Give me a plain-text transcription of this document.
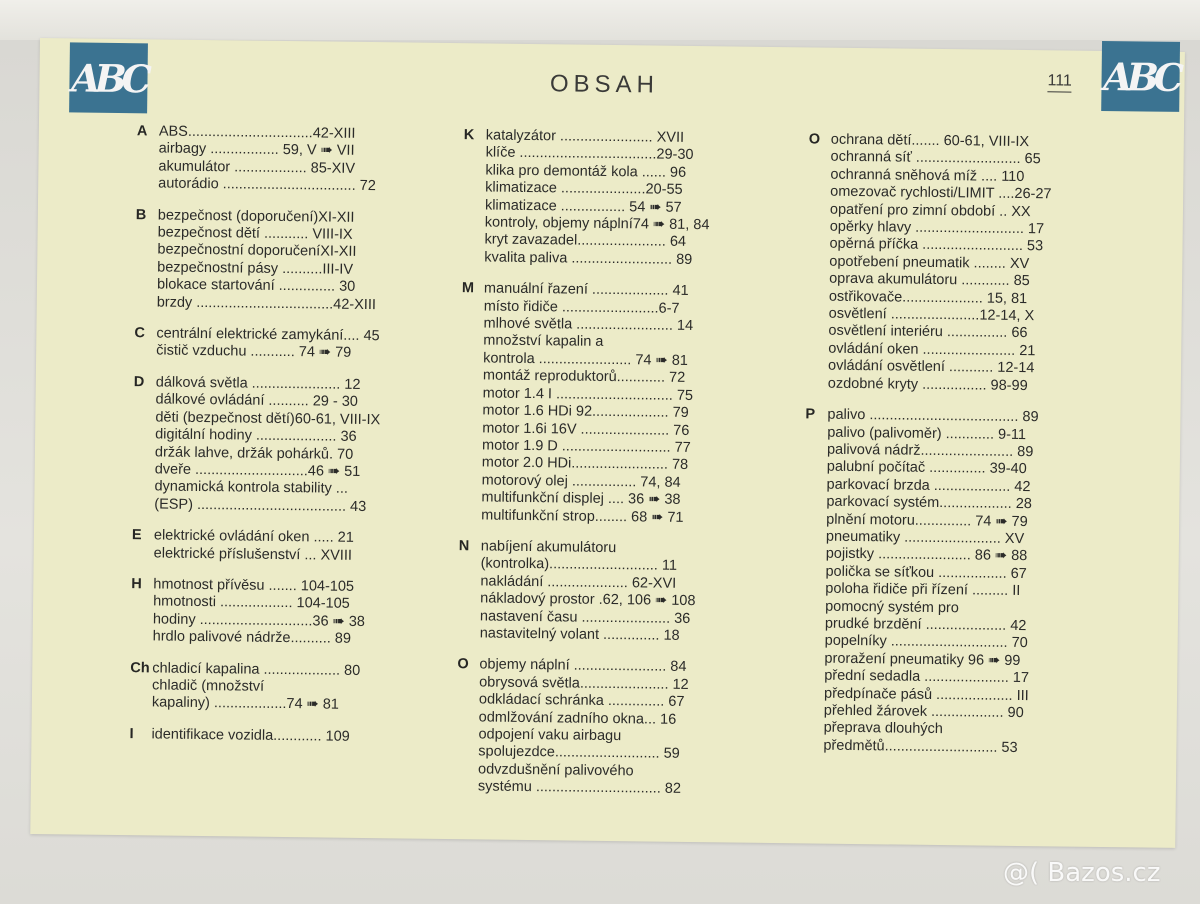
ABC	OBSAH	111 ABC
A ABS...............................42-XIII
airbagy ................. 59, V ➠ VII
akumulátor .................. 85-XIV
autorádio ................................. 72
B bezpečnost (doporučení)XI-XII
bezpečnost dětí ........... VIII-IX
bezpečnostní doporučeníXI-XII
bezpečnostní pásy ..........III-IV
blokace startování .............. 30
brzdy ..................................42-XIII
C centrální elektrické zamykání.... 45
čistič vzduchu ........... 74 ➠ 79
D dálková světla ...................... 12
dálkové ovládání .......... 29 - 30
děti (bezpečnost dětí)60-61, VIII-IX
digitální hodiny .................... 36
držák lahve, držák pohárků. 70
dveře ............................46 ➠ 51
dynamická kontrola stability ...
(ESP) ..................................... 43
E elektrické ovládání oken ..... 21
elektrické příslušenství ... XVIII
H hmotnost přívěsu ....... 104-105
hmotnosti .................. 104-105
hodiny ............................36 ➠ 38
hrdlo palivové nádrže.......... 89
Ch chladicí kapalina ................... 80
chladič (množství
kapaliny) ..................74 ➠ 81
I	identifikace vozidla............ 109
K katalyzátor ....................... XVII
klíče ..................................29-30
klika pro demontáž kola ...... 96
klimatizace .....................20-55
klimatizace ................ 54 ➠ 57
kontroly, objemy náplní74 ➠ 81, 84
kryt zavazadel...................... 64
kvalita paliva ......................... 89
M manuální řazení ................... 41
místo řidiče ........................6-7
mlhové světla ........................ 14
množství kapalin a
kontrola ....................... 74 ➠ 81
montáž reproduktorů............ 72
motor 1.4 I ............................. 75
motor 1.6 HDi 92................... 79
motor 1.6i 16V ...................... 76
motor 1.9 D ........................... 77
motor 2.0 HDi........................ 78
motorový olej ................ 74, 84
multifunkční displej .... 36 ➠ 38
multifunkční strop........ 68 ➠ 71
N nabíjení akumulátoru
(kontrolka)........................... 11
nakládání .................... 62-XVI
nákladový prostor .62, 106 ➠ 108
nastavení času ...................... 36
nastavitelný volant .............. 18
O objemy náplní ....................... 84
obrysová světla...................... 12
odkládací schránka .............. 67
odmlžování zadního okna... 16
odpojení vaku airbagu
spolujezdce.......................... 59
odvzdušnění palivového
systému ............................... 82
O ochrana dětí....... 60-61, VIII-IX
ochranná síť .......................... 65
ochranná sněhová míž .... 110
omezovač rychlosti/LIMIT ....26-27
opatření pro zimní období .. XX
opěrky hlavy ........................... 17
opěrná příčka ......................... 53
opotřebení pneumatik ........ XV
oprava akumulátoru ............ 85
ostřikovače.................... 15, 81
osvětlení ......................12-14, X
osvětlení interiéru ............... 66
ovládání oken ....................... 21
ovládání osvětlení ........... 12-14
ozdobné kryty ................ 98-99
P palivo ..................................... 89
palivo (palivoměr) ............ 9-11
palivová nádrž....................... 89
palubní počítač .............. 39-40
parkovací brzda ................... 42
parkovací systém.................. 28
plnění motoru.............. 74 ➠ 79
pneumatiky ........................ XV
pojistky ....................... 86 ➠ 88
polička se síťkou ................. 67
poloha řidiče při řízení ......... II
pomocný systém pro
prudké brzdění .................... 42
popelníky ............................. 70
proražení pneumatiky 96 ➠ 99
přední sedadla ..................... 17
předpínače pásů ................... III
přehled žárovek .................. 90
přeprava dlouhých
předmětů............................ 53
@( Bazos.cz
